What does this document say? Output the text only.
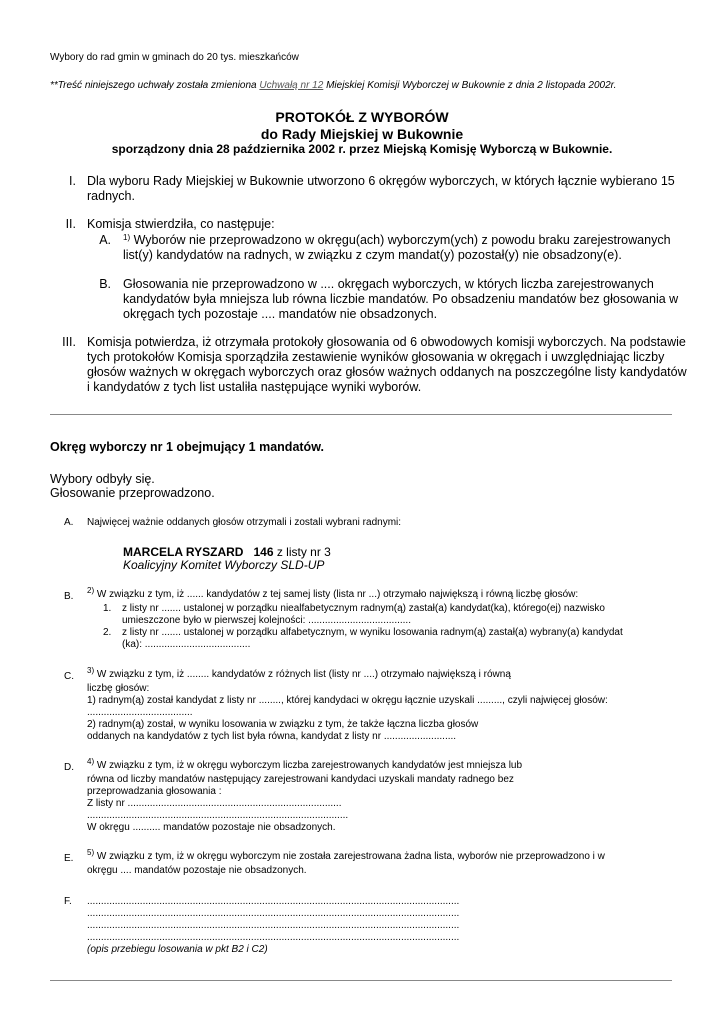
Wybory do rad gmin w gminach do 20 tys. mieszkańców
**Treść niniejszego uchwały została zmieniona Uchwałą nr 12 Miejskiej Komisji Wyborczej w Bukownie z dnia 2 listopada 2002r.
PROTOKÓŁ Z WYBORÓW
do Rady Miejskiej w Bukownie
sporządzony dnia 28 października 2002 r. przez Miejską Komisję Wyborczą w Bukownie.
I. Dla wyboru Rady Miejskiej w Bukownie utworzono 6 okręgów wyborczych, w których łącznie wybierano 15
radnych.
II. Komisja stwierdziła, co następuje:
A. $^{1)}$ Wyborów nie przeprowadzono w okręgu(ach) wyborczym(ych) z powodu braku zarejestrowanych
list(y) kandydatów na radnych, w związku z czym mandat(y) pozostał(y) nie obsadzony(e).
B. Głosowania nie przeprowadzono w .... okręgach wyborczych, w których liczba zarejestrowanych
kandydatów była mniejsza lub równa liczbie mandatów. Po obsadzeniu mandatów bez głosowania w
okręgach tych pozostaje .... mandatów nie obsadzonych.
III. Komisja potwierdza, iż otrzymała protokoły głosowania od 6 obwodowych komisji wyborczych. Na podstawie
tych protokołów Komisja sporządziła zestawienie wyników głosowania w okręgach i uwzględniając liczby
głosów ważnych w okręgach wyborczych oraz głosów ważnych oddanych na poszczególne listy kandydatów
i kandydatów z tych list ustaliła następujące wyniki wyborów.
Okręg wyborczy nr 1 obejmujący 1 mandatów.
Wybory odbyły się.
Głosowanie przeprowadzono.
A. Najwięcej ważnie oddanych głosów otrzymali i zostali wybrani radnymi:
MARCELA RYSZARD 146 z listy nr 3
Koalicyjny Komitet Wyborczy SLD-UP
B.
$^{2)}$ W związku z tym, iż ...... kandydatów z tej samej listy (lista nr ...) otrzymało największą i równą liczbę głosów:
1. z listy nr ....... ustalonej w porządku niealfabetycznym radnym(ą) zastał(a) kandydat(ka), którego(ej) nazwisko
umieszczone było w pierwszej kolejności: .....................................
2. z listy nr ....... ustalonej w porządku alfabetycznym, w wyniku losowania radnym(ą) zastał(a) wybrany(a) kandydat
(ka): ......................................
C.
$^{3)}$ W związku z tym, iż ........ kandydatów z różnych list (listy nr ....) otrzymało największą i równą
liczbę głosów:
1) radnym(ą) został kandydat z listy nr ........, której kandydaci w okręgu łącznie uzyskali ........., czyli najwięcej głosów:
......................................
2) radnym(ą) został, w wyniku losowania w związku z tym, że także łączna liczba głosów
oddanych na kandydatów z tych list była równa, kandydat z listy nr ..........................
D.
$^{4)}$ W związku z tym, iż w okręgu wyborczym liczba zarejestrowanych kandydatów jest mniejsza lub
równa od liczby mandatów następujący zarejestrowani kandydaci uzyskali mandaty radnego bez
przeprowadzania głosowania :
Z listy nr .............................................................................
..............................................................................................
W okręgu .......... mandatów pozostaje nie obsadzonych.
E.
$^{5)}$ W związku z tym, iż w okręgu wyborczym nie została zarejestrowana żadna lista, wyborów nie przeprowadzono i w
okręgu .... mandatów pozostaje nie obsadzonych.
F. ......................................................................................................................................
......................................................................................................................................
......................................................................................................................................
......................................................................................................................................
(opis przebiegu losowania w pkt B2 i C2)
